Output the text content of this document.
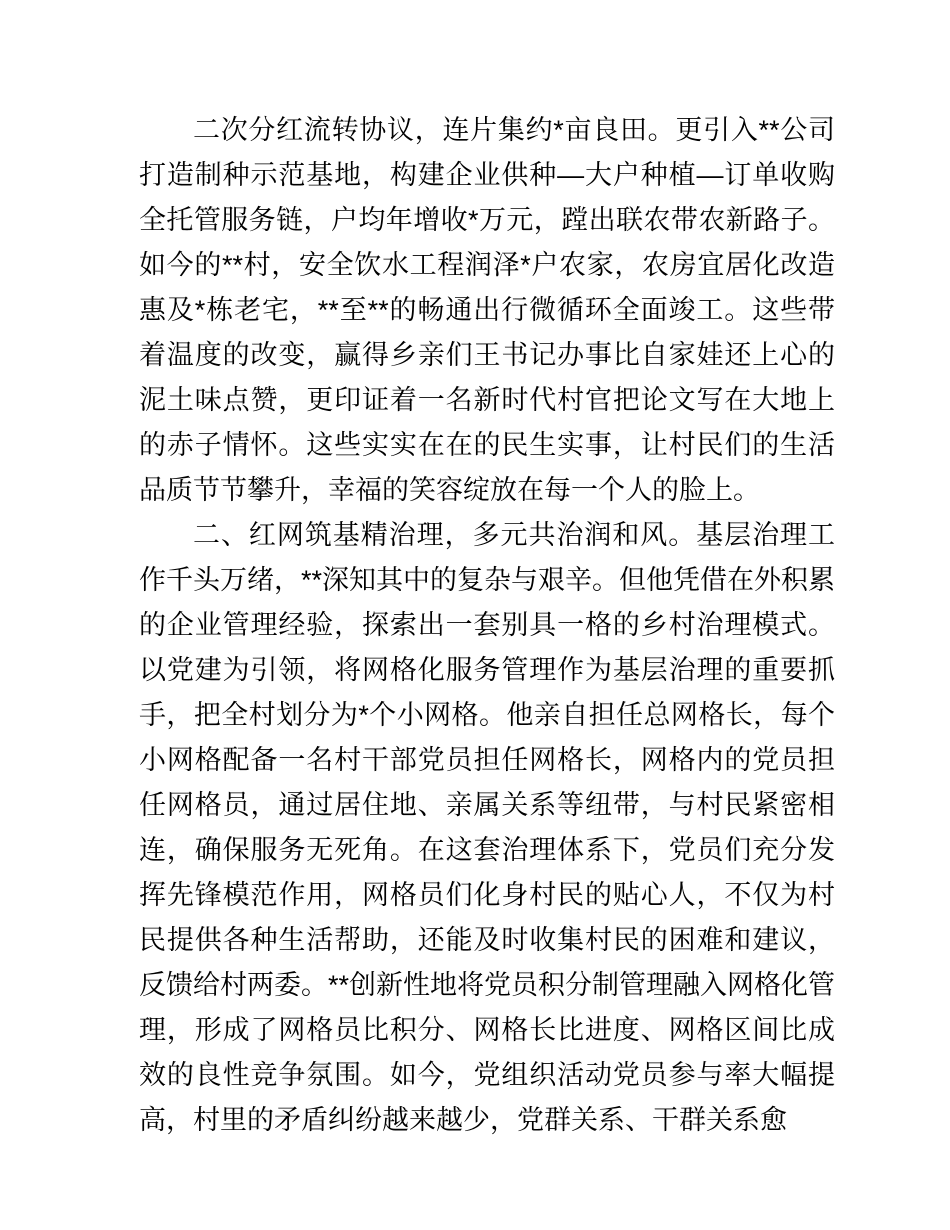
二次分红流转协议，连片集约*亩良田。更引入**公司打造制种示范基地，构建企业供种—大户种植—订单收购全托管服务链，户均年增收*万元，蹚出联农带农新路子。如今的**村，安全饮水工程润泽*户农家，农房宜居化改造惠及*栋老宅，**至**的畅通出行微循环全面竣工。这些带着温度的改变，赢得乡亲们王书记办事比自家娃还上心的泥土味点赞，更印证着一名新时代村官把论文写在大地上的赤子情怀。这些实实在在的民生实事，让村民们的生活品质节节攀升，幸福的笑容绽放在每一个人的脸上。

二、红网筑基精治理，多元共治润和风。基层治理工作千头万绪，**深知其中的复杂与艰辛。但他凭借在外积累的企业管理经验，探索出一套别具一格的乡村治理模式。以党建为引领，将网格化服务管理作为基层治理的重要抓手，把全村划分为*个小网格。他亲自担任总网格长，每个小网格配备一名村干部党员担任网格长，网格内的党员担任网格员，通过居住地、亲属关系等纽带，与村民紧密相连，确保服务无死角。在这套治理体系下，党员们充分发挥先锋模范作用，网格员们化身村民的贴心人，不仅为村民提供各种生活帮助，还能及时收集村民的困难和建议，反馈给村两委。**创新性地将党员积分制管理融入网格化管理，形成了网格员比积分、网格长比进度、网格区间比成效的良性竞争氛围。如今，党组织活动党员参与率大幅提高，村里的矛盾纠纷越来越少，党群关系、干群关系愈
